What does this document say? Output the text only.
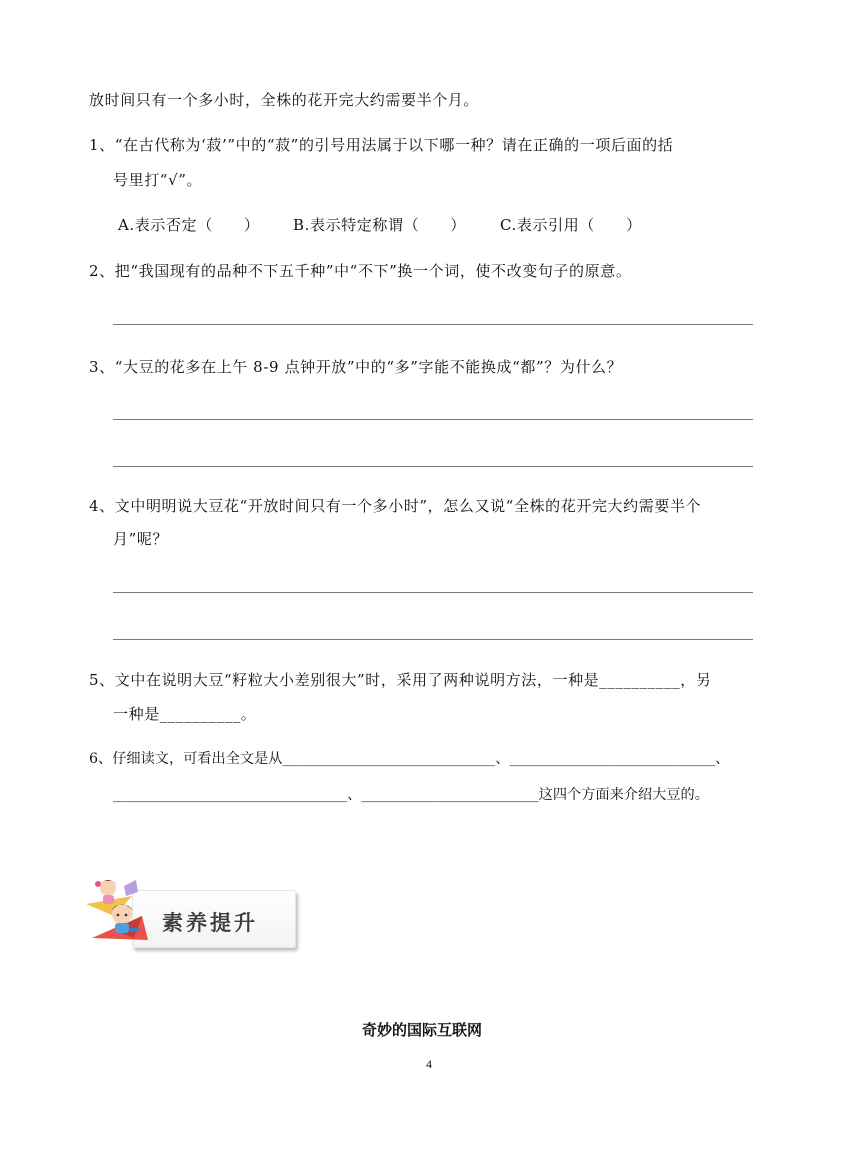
放时间只有一个多小时，全株的花开完大约需要半个月。
1、“在古代称为‘菽’”中的“菽”的引号用法属于以下哪一种？请在正确的一项后面的括
号里打“√”。
A.表示否定（　　） B.表示特定称谓（　　） C.表示引用（　　）
2、把“我国现有的品种不下五千种”中“不下”换一个词，使不改变句子的原意。
3、“大豆的花多在上午 8-9 点钟开放”中的“多”字能不能换成“都”？为什么？
4、文中明明说大豆花“开放时间只有一个多小时”，怎么又说“全株的花开完大约需要半个
月”呢？
5、文中在说明大豆“籽粒大小差别很大”时，采用了两种说明方法，一种是__________，另
一种是__________。
6、仔细读文，可看出全文是从______________________________、_____________________________、
_________________________________、_________________________这四个方面来介绍大豆的。
素养提升
奇妙的国际互联网
4
